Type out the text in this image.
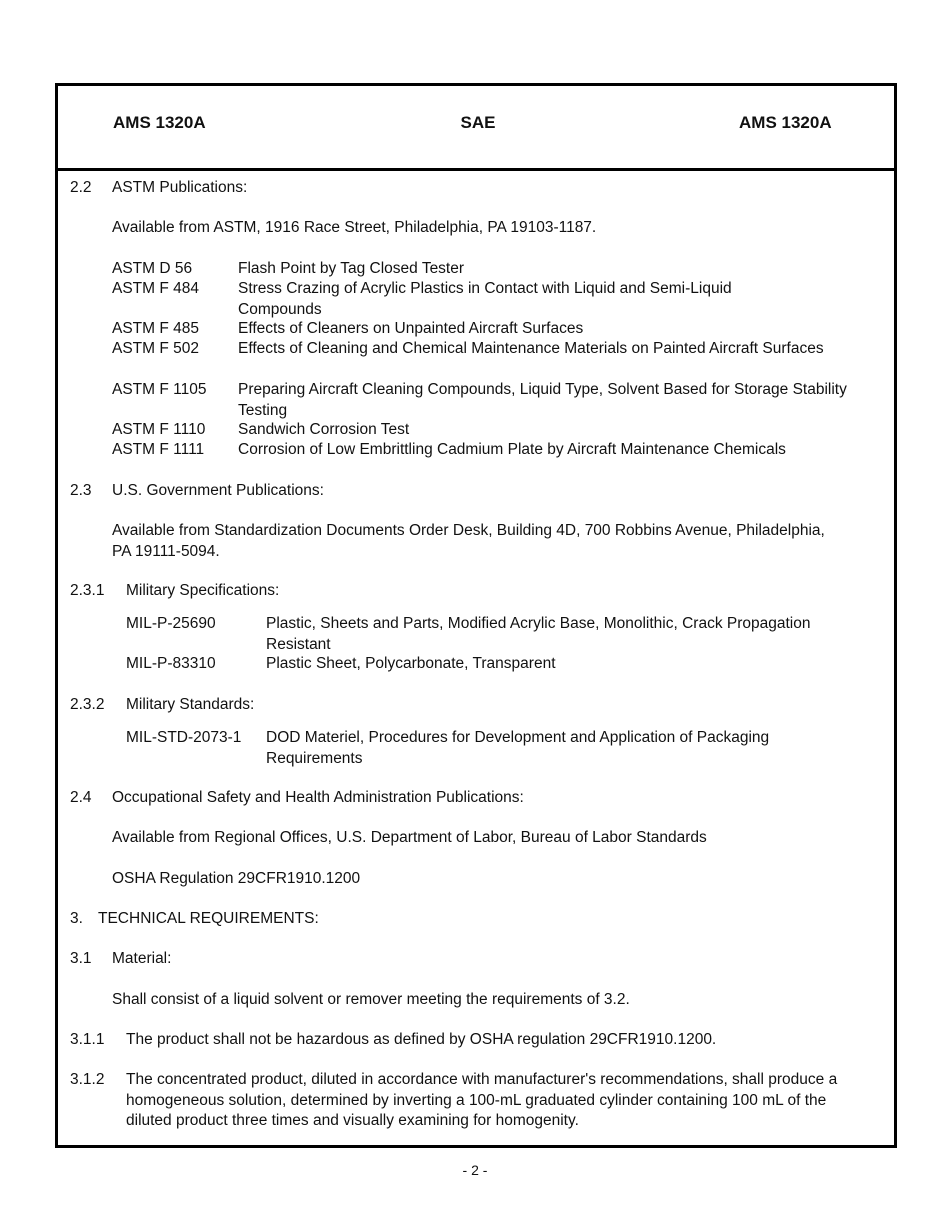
AMS 1320A	SAE	AMS 1320A
2.2 ASTM Publications:
Available from ASTM, 1916 Race Street, Philadelphia, PA 19103-1187.
ASTM D 56	Flash Point by Tag Closed Tester
ASTM F 484	Stress Crazing of Acrylic Plastics in Contact with Liquid and Semi-Liquid Compounds
ASTM F 485	Effects of Cleaners on Unpainted Aircraft Surfaces
ASTM F 502	Effects of Cleaning and Chemical Maintenance Materials on Painted Aircraft Surfaces
ASTM F 1105 Preparing Aircraft Cleaning Compounds, Liquid Type, Solvent Based for Storage Stability Testing
ASTM F 1110 Sandwich Corrosion Test
ASTM F 1111 Corrosion of Low Embrittling Cadmium Plate by Aircraft Maintenance Chemicals
2.3 U.S. Government Publications:
Available from Standardization Documents Order Desk, Building 4D, 700 Robbins Avenue, Philadelphia, PA 19111-5094.
2.3.1 Military Specifications:
MIL-P-25690	Plastic, Sheets and Parts, Modified Acrylic Base, Monolithic, Crack Propagation Resistant
MIL-P-83310	Plastic Sheet, Polycarbonate, Transparent
2.3.2 Military Standards:
MIL-STD-2073-1 DOD Materiel, Procedures for Development and Application of Packaging Requirements
2.4 Occupational Safety and Health Administration Publications:
Available from Regional Offices, U.S. Department of Labor, Bureau of Labor Standards
OSHA Regulation 29CFR1910.1200
3. TECHNICAL REQUIREMENTS:
3.1 Material:
Shall consist of a liquid solvent or remover meeting the requirements of 3.2.
3.1.1 The product shall not be hazardous as defined by OSHA regulation 29CFR1910.1200.
3.1.2 The concentrated product, diluted in accordance with manufacturer's recommendations, shall produce a homogeneous solution, determined by inverting a 100-mL graduated cylinder containing 100 mL of the diluted product three times and visually examining for homogenity.
- 2 -
